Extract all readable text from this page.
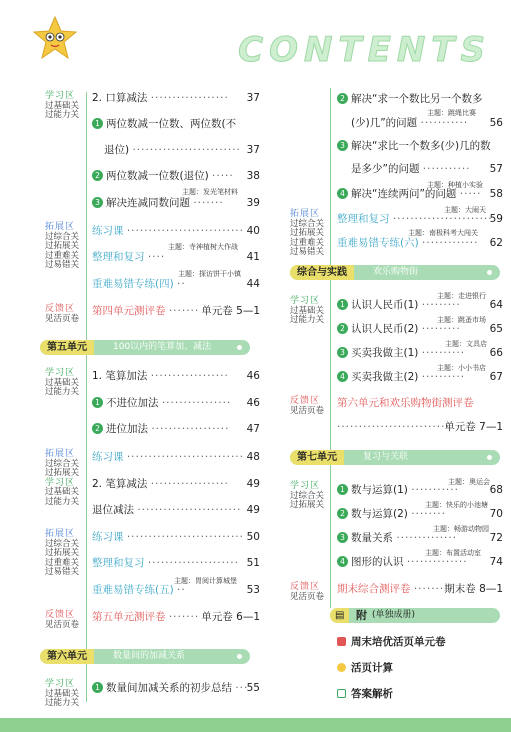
CONTENTS
学习区
过基础关
过能力关
2. 口算减法 ·················· 37
1 两位数减一位数、两位数(不
退位) ························· 37
2 两位数减一位数(退位) ····· 38
主题：发光笔材料
3 解决连减同数问题 ······· 39
拓展区
过综合关
过拓展关
过重难关
过易错关
练习课 ··························· 40
主题：寺神植树大作战
整理和复习 ····	41
主题：探访饼干小镇
重难易错专练(四) ··	44
反馈区
见活页卷
第四单元测评卷 ······· 单元卷 5—1
第五单元	100以内的笔算加、减法
学习区
过基础关
过能力关
1. 笔算加法 ·················· 46
1 不进位加法 ················ 46
2 进位加法 ·················· 47
拓展区
过综合关
过拓展关
学习区
过基础关
过能力关
练习课 ··························· 48
2. 笔算减法 ·················· 49
退位减法 ························ 49
拓展区
过综合关
过拓展关
过重难关
过易错关
练习课 ··························· 50
整理和复习 ····················· 51
主题：胃阅计算城堡
重难易错专练(五) ··	53
反馈区
见活页卷
第五单元测评卷 ······· 单元卷 6—1
第六单元	数量间的加减关系
学习区
过基础关
过能力关
1 数量间加减关系的初步总结 ···
55
2 解决“求一个数比另一个数多
主题：跳绳比赛
(少)几”的问题 ··········· 56
3 解决“求比一个数多(少)几的数
是多少”的问题 ··········· 57
主题：种植小实验
4 解决“连续两问”的问题 ····· 58
拓展区
过综合关
过拓展关
过重难关
过易错关
主题：大闹天
整理和复习 ·······················
59
主题：南极科考大闯关
重难易错专练(六) ············· 62
综合与实践	欢乐购物街
学习区
过基础关
过能力关
主题：走进银行
1 认识人民币(1) ·········	64
主题：跳蚤市场
2 认识人民币(2) ·········	65
主题：文具店
3 买卖我做主(1) ·········· 66
主题：小小书店
4 买卖我做主(2) ·········· 67
反馈区
见活页卷
第六单元和欢乐购物街测评卷
··························
单元卷 7—1
第七单元	复习与关联
学习区
过综合关
过拓展关
主题：奥运会
1 数与运算(1) ···········	68
主题：快乐的小池塘
2 数与运算(2) ········	70
主题：畅游动物园
3 数量关系 ··············	72
主题：布置活动室
4 图形的认识 ·············· 74
反馈区
见活页卷
期末综合测评卷 ·········
期末卷 8—1
▤	附 (单独成册)
周末培优活页单元卷
活页计算
答案解析
